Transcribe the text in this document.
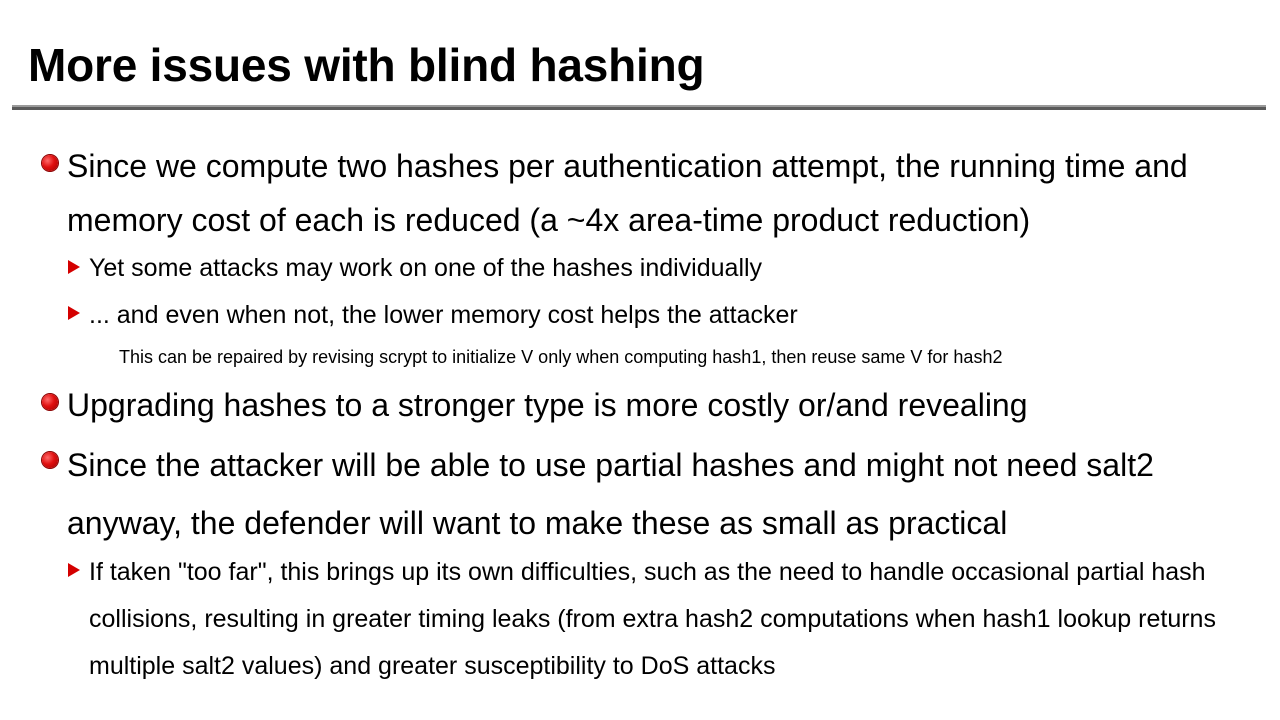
More issues with blind hashing
Since we compute two hashes per authentication attempt, the running time and memory cost of each is reduced (a ~4x area-time product reduction)
Yet some attacks may work on one of the hashes individually
... and even when not, the lower memory cost helps the attacker
This can be repaired by revising scrypt to initialize V only when computing hash1, then reuse same V for hash2
Upgrading hashes to a stronger type is more costly or/and revealing
Since the attacker will be able to use partial hashes and might not need salt2 anyway, the defender will want to make these as small as practical
If taken "too far", this brings up its own difficulties, such as the need to handle occasional partial hash collisions, resulting in greater timing leaks (from extra hash2 computations when hash1 lookup returns multiple salt2 values) and greater susceptibility to DoS attacks
